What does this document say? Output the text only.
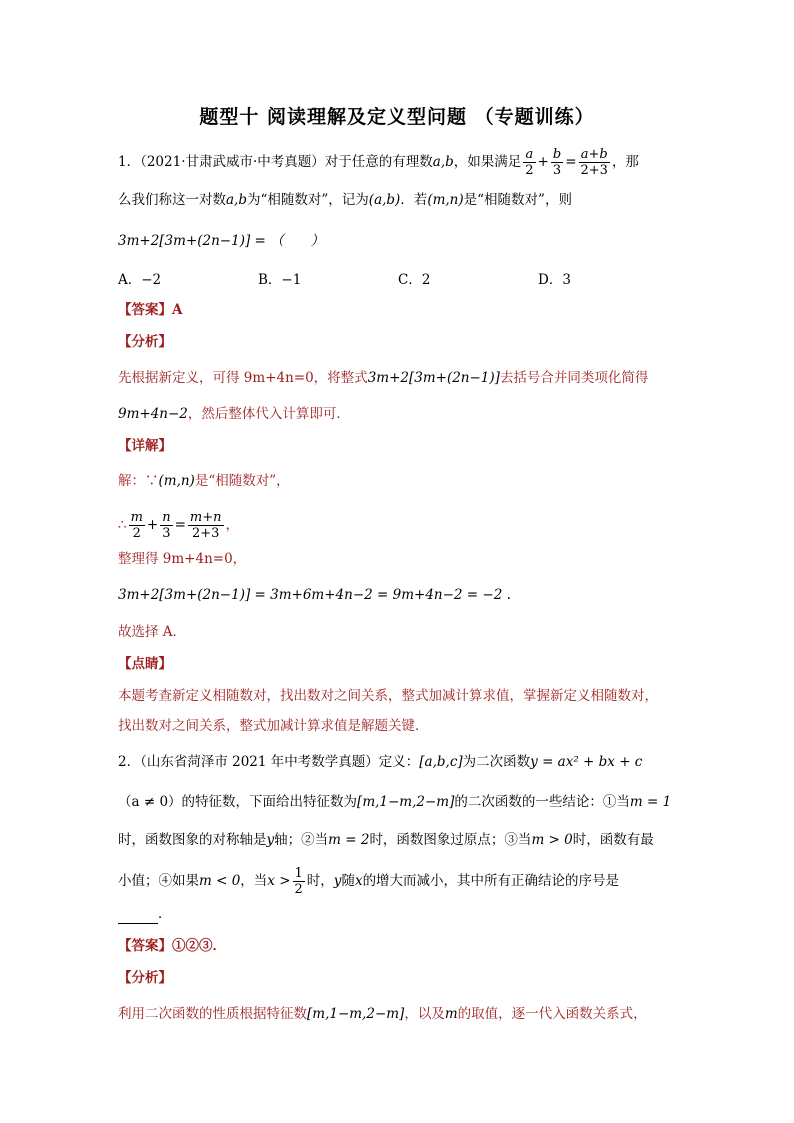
题型十 阅读理解及定义型问题 （专题训练）
1．（2021·甘肃武威市·中考真题）对于任意的有理数a,b，如果满足 $\frac{a}{2} + \frac{b}{3} = \frac{a+b}{2+3}$ ，那
么我们称这一对数a,b为“相随数对”，记为(a,b)．若(m,n)是“相随数对”，则
3m+2[3m+(2n−1)] = （　　）
A．−2	B．−1	C．2	D．3
【答案】A
【分析】
先根据新定义，可得 9m+4n=0，将整式3m+2[3m+(2n−1)]去括号合并同类项化简得
9m+4n−2，然后整体代入计算即可．
【详解】
解：∵(m,n)是“相随数对”，
∴ $\frac{m}{2} + \frac{n}{3} = \frac{m+n}{2+3}$ ，
整理得 9m+4n=0，
3m+2[3m+(2n−1)] = 3m+6m+4n−2 = 9m+4n−2 = −2 .
故选择 A．
【点睛】
本题考查新定义相随数对，找出数对之间关系，整式加减计算求值，掌握新定义相随数对，
找出数对之间关系，整式加减计算求值是解题关键．
2．（山东省菏泽市 2021 年中考数学真题）定义：[a,b,c]为二次函数y = ax² + bx + c
（a ≠ 0）的特征数，下面给出特征数为[m,1−m,2−m]的二次函数的一些结论：①当m = 1
时，函数图象的对称轴是y轴；②当m = 2时，函数图象过原点；③当m > 0时，函数有最
小值；④如果m < 0，当$x > \frac{1}{2}$ 时，y随x的增大而减小，其中所有正确结论的序号是
．
【答案】①②③．
【分析】
利用二次函数的性质根据特征数[m,1−m,2−m]，以及m的取值，逐一代入函数关系式，
